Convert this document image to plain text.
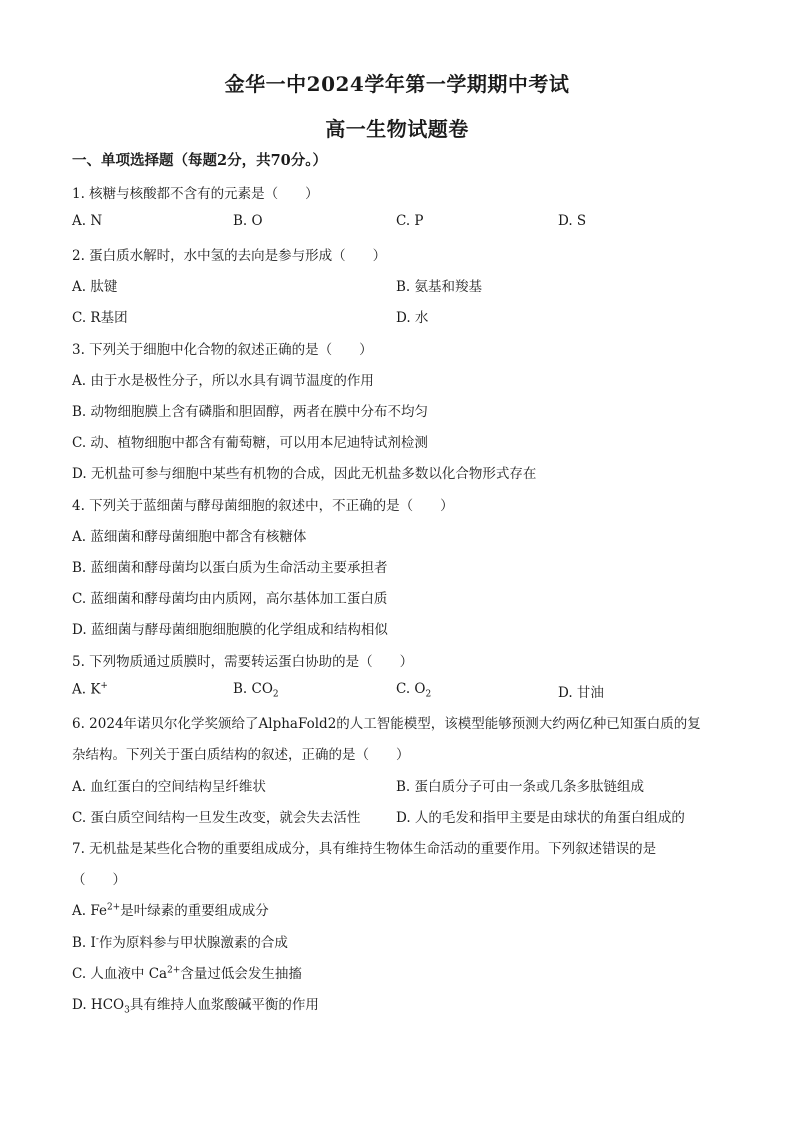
金华一中2024学年第一学期期中考试
高一生物试题卷
一、单项选择题（每题2分，共70分。）
1. 核糖与核酸都不含有的元素是（　　）
A. N	B. O	C. P	D. S
2. 蛋白质水解时，水中氢的去向是参与形成（　　）
A. 肽键	B. 氨基和羧基
C. R基团	D. 水
3. 下列关于细胞中化合物的叙述正确的是（　　）
A. 由于水是极性分子，所以水具有调节温度的作用
B. 动物细胞膜上含有磷脂和胆固醇，两者在膜中分布不均匀
C. 动、植物细胞中都含有葡萄糖，可以用本尼迪特试剂检测
D. 无机盐可参与细胞中某些有机物的合成，因此无机盐多数以化合物形式存在
4. 下列关于蓝细菌与酵母菌细胞的叙述中，不正确的是（　　）
A. 蓝细菌和酵母菌细胞中都含有核糖体
B. 蓝细菌和酵母菌均以蛋白质为生命活动主要承担者
C. 蓝细菌和酵母菌均由内质网，高尔基体加工蛋白质
D. 蓝细菌与酵母菌细胞细胞膜的化学组成和结构相似
5. 下列物质通过质膜时，需要转运蛋白协助的是（　　）
A. K+	B. $CO_2$	C. $O_2$	D. 甘油
6. 2024年诺贝尔化学奖颁给了AlphaFold2的人工智能模型，该模型能够预测大约两亿种已知蛋白质的复
杂结构。下列关于蛋白质结构的叙述，正确的是（　　）
A. 血红蛋白的空间结构呈纤维状	B. 蛋白质分子可由一条或几条多肽链组成
C. 蛋白质空间结构一旦发生改变，就会失去活性	D. 人的毛发和指甲主要是由球状的角蛋白组成的
7. 无机盐是某些化合物的重要组成成分，具有维持生物体生命活动的重要作用。下列叙述错误的是
（　　）
A. $Fe^{2+}$是叶绿素的重要组成成分
B. I-作为原料参与甲状腺激素的合成
C. 人血液中 $Ca^{2+}$含量过低会发生抽搐
D. $HCO_3$具有维持人血浆酸碱平衡的作用
